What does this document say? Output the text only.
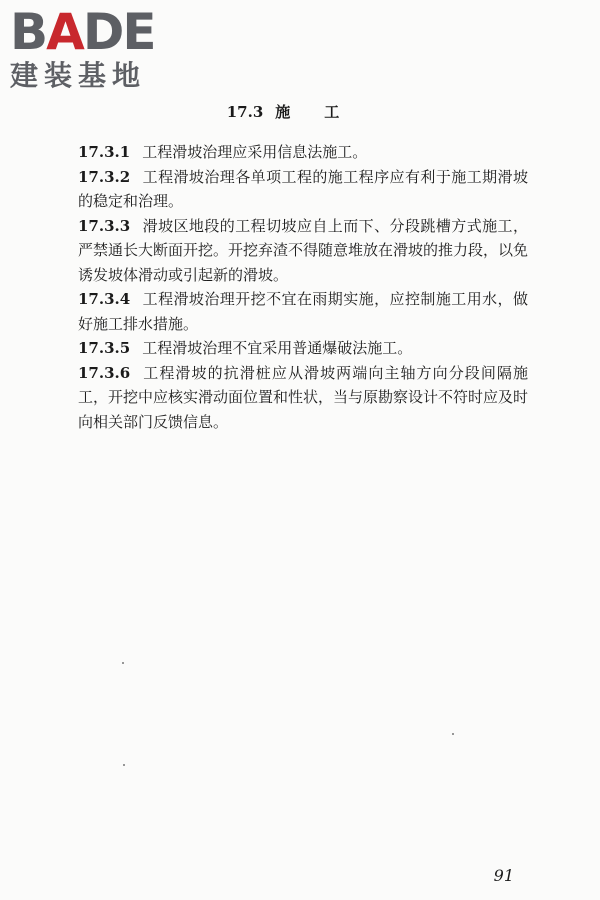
BADE
建装基地
17.3 施工

17.3.1 工程滑坡治理应采用信息法施工。

17.3.2 工程滑坡治理各单项工程的施工程序应有利于施工期滑坡的稳定和治理。

17.3.3 滑坡区地段的工程切坡应自上而下、分段跳槽方式施工，严禁通长大断面开挖。开挖弃渣不得随意堆放在滑坡的推力段，以免诱发坡体滑动或引起新的滑坡。

17.3.4 工程滑坡治理开挖不宜在雨期实施，应控制施工用水，做好施工排水措施。

17.3.5 工程滑坡治理不宜采用普通爆破法施工。

17.3.6 工程滑坡的抗滑桩应从滑坡两端向主轴方向分段间隔施工，开挖中应核实滑动面位置和性状，当与原勘察设计不符时应及时向相关部门反馈信息。

91
